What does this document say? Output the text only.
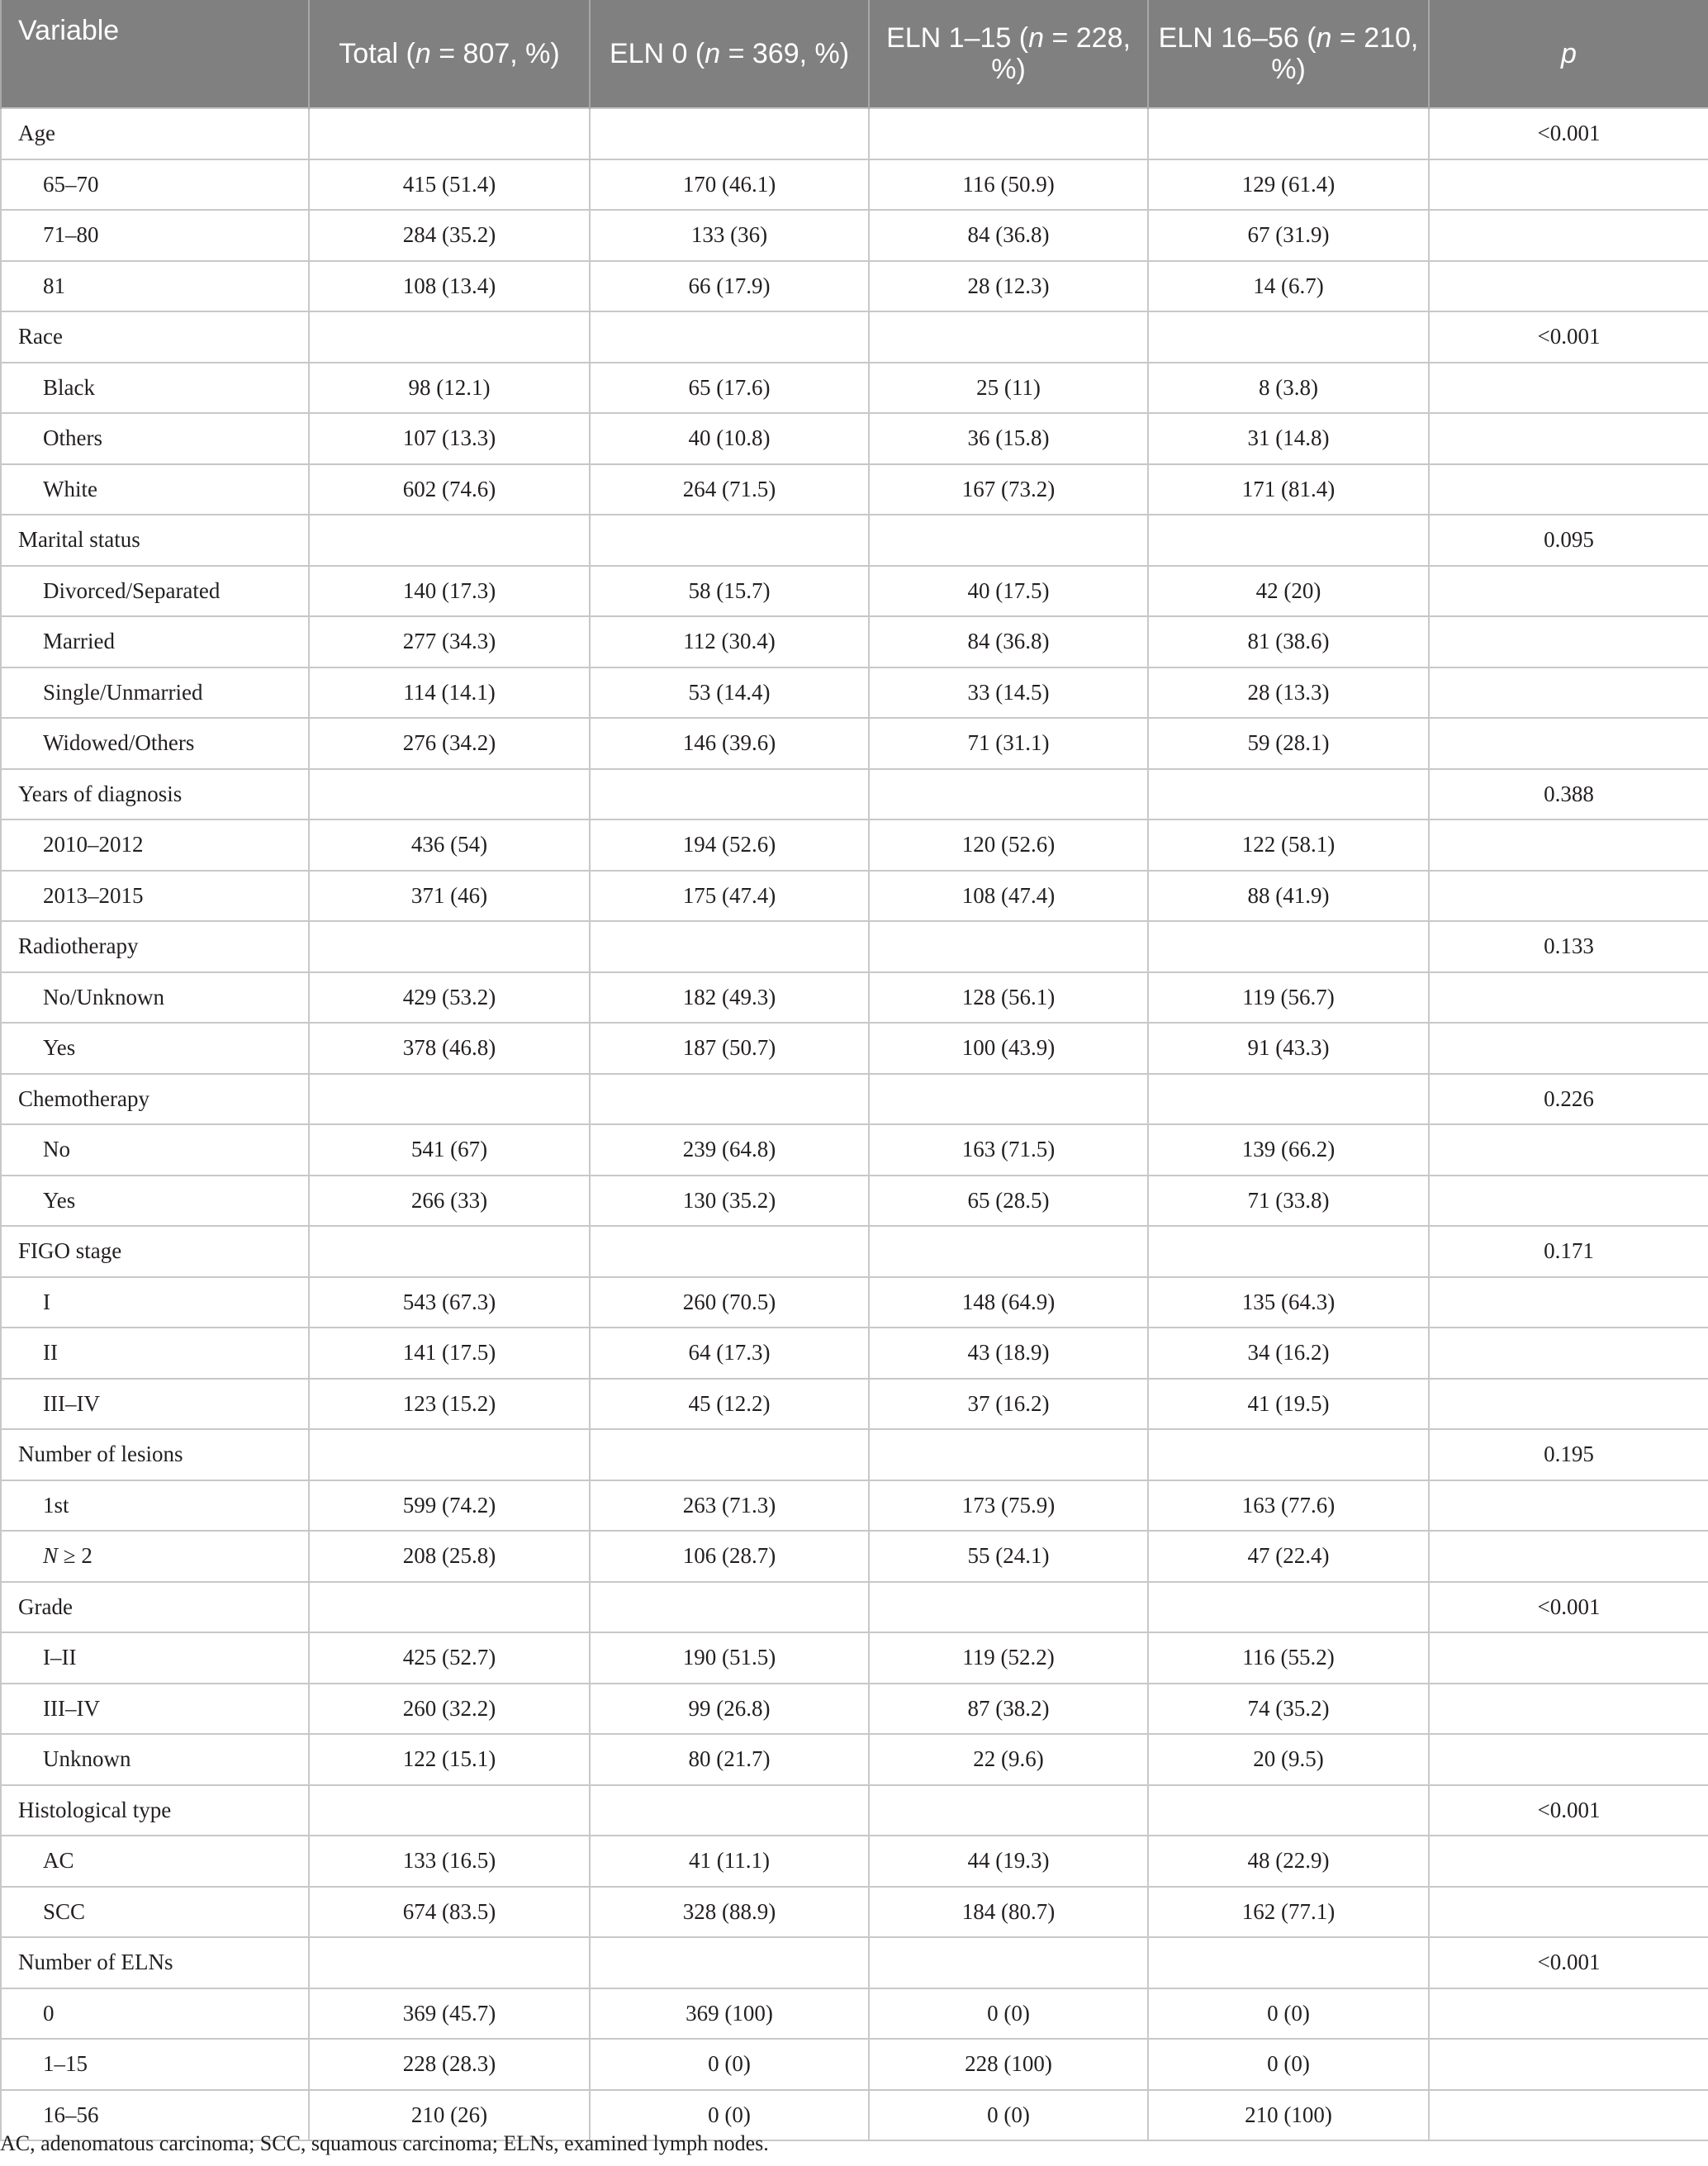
Variable	Total (n = 807, %)	ELN 0 (n = 369, %)	ELN 1–15 (n = 228, %)	ELN 16–56 (n = 210, %)	p
Age					<0.001
65–70	415 (51.4)	170 (46.1)	116 (50.9)	129 (61.4)	
71–80	284 (35.2)	133 (36)	84 (36.8)	67 (31.9)	
81	108 (13.4)	66 (17.9)	28 (12.3)	14 (6.7)	
Race					<0.001
Black	98 (12.1)	65 (17.6)	25 (11)	8 (3.8)	
Others	107 (13.3)	40 (10.8)	36 (15.8)	31 (14.8)	
White	602 (74.6)	264 (71.5)	167 (73.2)	171 (81.4)	
Marital status					0.095
Divorced/Separated	140 (17.3)	58 (15.7)	40 (17.5)	42 (20)	
Married	277 (34.3)	112 (30.4)	84 (36.8)	81 (38.6)	
Single/Unmarried	114 (14.1)	53 (14.4)	33 (14.5)	28 (13.3)	
Widowed/Others	276 (34.2)	146 (39.6)	71 (31.1)	59 (28.1)	
Years of diagnosis					0.388
2010–2012	436 (54)	194 (52.6)	120 (52.6)	122 (58.1)	
2013–2015	371 (46)	175 (47.4)	108 (47.4)	88 (41.9)	
Radiotherapy					0.133
No/Unknown	429 (53.2)	182 (49.3)	128 (56.1)	119 (56.7)	
Yes	378 (46.8)	187 (50.7)	100 (43.9)	91 (43.3)	
Chemotherapy					0.226
No	541 (67)	239 (64.8)	163 (71.5)	139 (66.2)	
Yes	266 (33)	130 (35.2)	65 (28.5)	71 (33.8)	
FIGO stage					0.171
I	543 (67.3)	260 (70.5)	148 (64.9)	135 (64.3)	
II	141 (17.5)	64 (17.3)	43 (18.9)	34 (16.2)	
III–IV	123 (15.2)	45 (12.2)	37 (16.2)	41 (19.5)	
Number of lesions					0.195
1st	599 (74.2)	263 (71.3)	173 (75.9)	163 (77.6)	
N ≥ 2	208 (25.8)	106 (28.7)	55 (24.1)	47 (22.4)	
Grade					<0.001
I–II	425 (52.7)	190 (51.5)	119 (52.2)	116 (55.2)	
III–IV	260 (32.2)	99 (26.8)	87 (38.2)	74 (35.2)	
Unknown	122 (15.1)	80 (21.7)	22 (9.6)	20 (9.5)	
Histological type					<0.001
AC	133 (16.5)	41 (11.1)	44 (19.3)	48 (22.9)	
SCC	674 (83.5)	328 (88.9)	184 (80.7)	162 (77.1)	
Number of ELNs					<0.001
0	369 (45.7)	369 (100)	0 (0)	0 (0)	
1–15	228 (28.3)	0 (0)	228 (100)	0 (0)	
16–56	210 (26)	0 (0)	0 (0)	210 (100)	
AC, adenomatous carcinoma; SCC, squamous carcinoma; ELNs, examined lymph nodes.
